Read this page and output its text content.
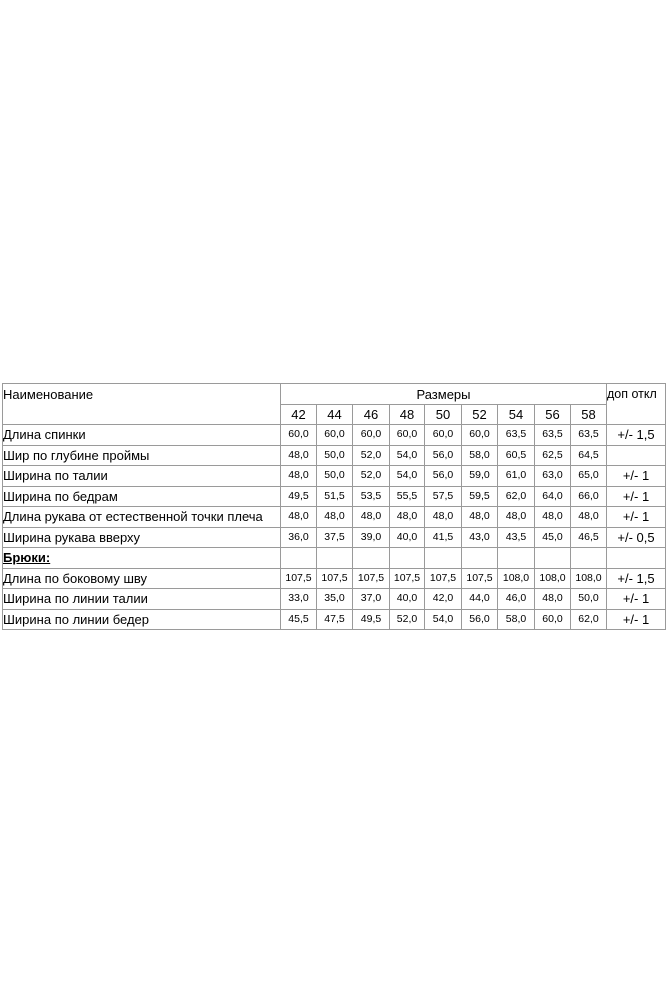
Наименование	Размеры									доп откл
	42	44	46	48	50	52	54	56	58	
Длина спинки	60,0	60,0	60,0	60,0	60,0	60,0	63,5	63,5	63,5	+/- 1,5
Шир по глубине проймы	48,0	50,0	52,0	54,0	56,0	58,0	60,5	62,5	64,5	
Ширина по талии	48,0	50,0	52,0	54,0	56,0	59,0	61,0	63,0	65,0	+/- 1
Ширина по бедрам	49,5	51,5	53,5	55,5	57,5	59,5	62,0	64,0	66,0	+/- 1
Длина рукава от естественной точки плеча	48,0	48,0	48,0	48,0	48,0	48,0	48,0	48,0	48,0	+/- 1
Ширина рукава вверху	36,0	37,5	39,0	40,0	41,5	43,0	43,5	45,0	46,5	+/- 0,5
Брюки:										
Длина по боковому шву	107,5	107,5	107,5	107,5	107,5	107,5	108,0	108,0	108,0	+/- 1,5
Ширина по линии талии	33,0	35,0	37,0	40,0	42,0	44,0	46,0	48,0	50,0	+/- 1
Ширина по линии бедер	45,5	47,5	49,5	52,0	54,0	56,0	58,0	60,0	62,0	+/- 1
